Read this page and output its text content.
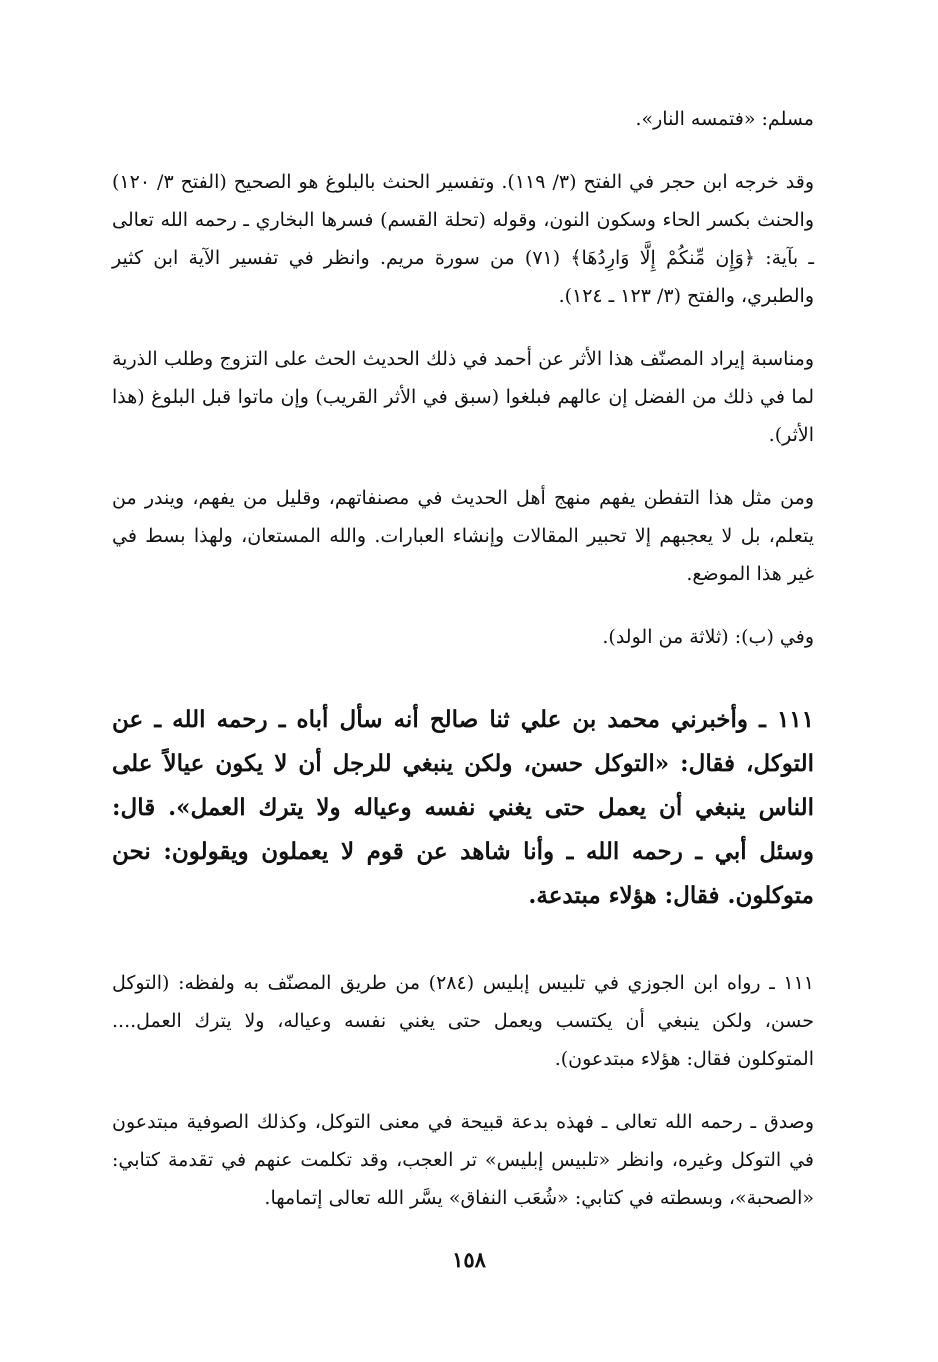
مسلم: «فتمسه النار».

وقد خرجه ابن حجر في الفتح (٣/ ١١٩). وتفسير الحنث بالبلوغ هو الصحيح (الفتح ٣/ ١٢٠) والحنث بكسر الحاء وسكون النون، وقوله (تحلة القسم) فسرها البخاري ـ رحمه الله تعالى ـ بآية: ﴿وَإِن مِّنكُمْ إِلَّا وَارِدُهَا﴾ (٧١) من سورة مريم. وانظر في تفسير الآية ابن كثير والطبري، والفتح (٣/ ١٢٣ ـ ١٢٤).

ومناسبة إيراد المصنّف هذا الأثر عن أحمد في ذلك الحديث الحث على التزوج وطلب الذرية لما في ذلك من الفضل إن عالهم فبلغوا (سبق في الأثر القريب) وإن ماتوا قبل البلوغ (هذا الأثر).

ومن مثل هذا التفطن يفهم منهج أهل الحديث في مصنفاتهم، وقليل من يفهم، ويندر من يتعلم، بل لا يعجبهم إلا تحبير المقالات وإنشاء العبارات. والله المستعان، ولهذا بسط في غير هذا الموضع.

وفي (ب): (ثلاثة من الولد).

١١١ ـ وأخبرني محمد بن علي ثنا صالح أنه سأل أباه ـ رحمه الله ـ عن التوكل، فقال: «التوكل حسن، ولكن ينبغي للرجل أن لا يكون عيالاً على الناس ينبغي أن يعمل حتى يغني نفسه وعياله ولا يترك العمل». قال: وسئل أبي ـ رحمه الله ـ وأنا شاهد عن قوم لا يعملون ويقولون: نحن متوكلون. فقال: هؤلاء مبتدعة.

١١١ ـ رواه ابن الجوزي في تلبيس إبليس (٢٨٤) من طريق المصنّف به ولفظه: (التوكل حسن، ولكن ينبغي أن يكتسب ويعمل حتى يغني نفسه وعياله، ولا يترك العمل.... المتوكلون فقال: هؤلاء مبتدعون).

وصدق ـ رحمه الله تعالى ـ فهذه بدعة قبيحة في معنى التوكل، وكذلك الصوفية مبتدعون في التوكل وغيره، وانظر «تلبيس إبليس» تر العجب، وقد تكلمت عنهم في تقدمة كتابي: «الصحبة»، وبسطته في كتابي: «شُعَب النفاق» يسَّر الله تعالى إتمامها.

١٥٨
